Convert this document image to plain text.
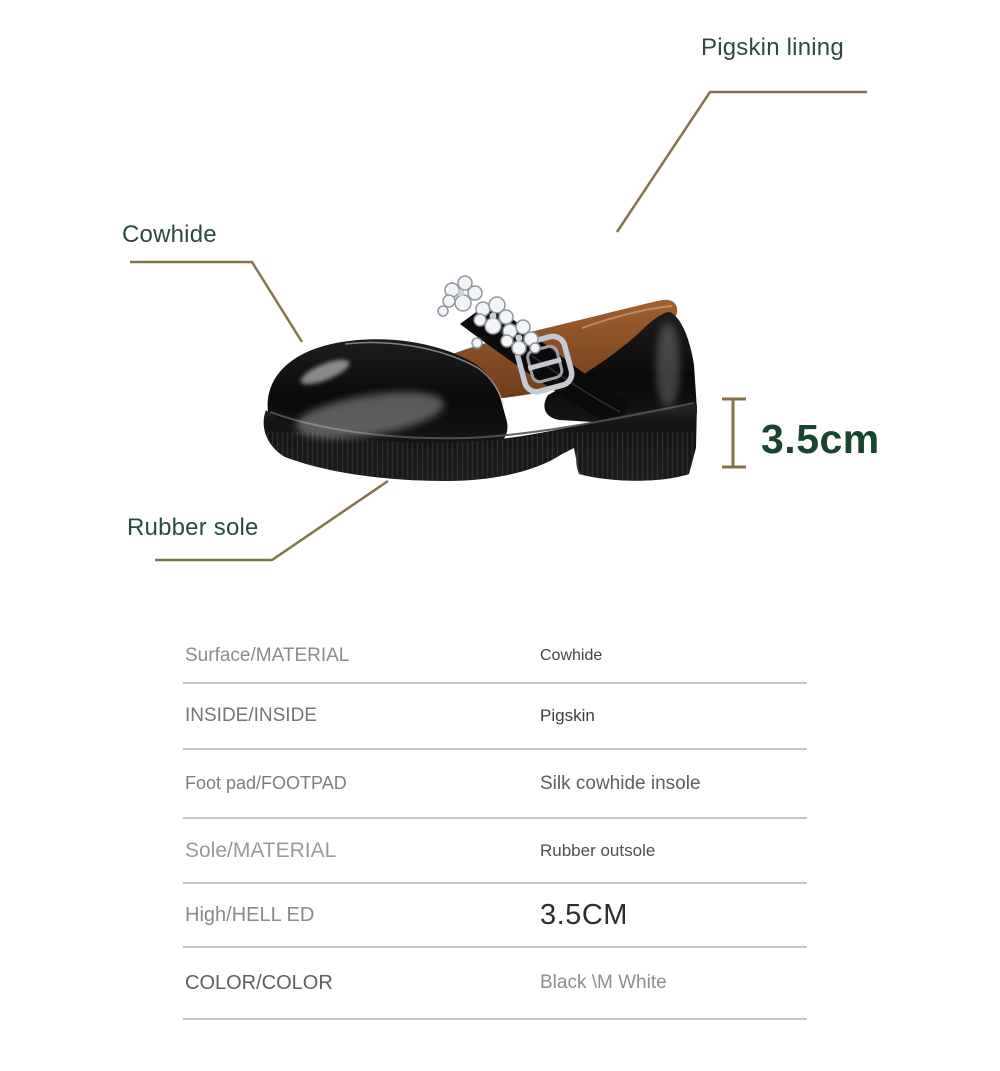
Pigskin lining
Cowhide
Rubber sole
3.5cm
Surface/MATERIAL	Cowhide
INSIDE/INSIDE	Pigskin
Foot pad/FOOTPAD	Silk cowhide insole
Sole/MATERIAL	Rubber outsole
High/HELL ED	3.5CM
COLOR/COLOR	Black \M White
